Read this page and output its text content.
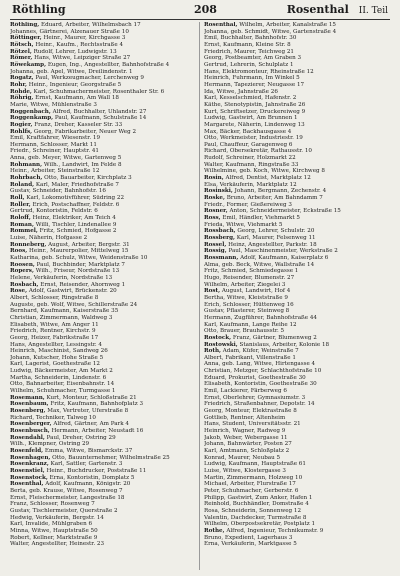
Röthling	208	Rosenthal II. Teil

Röthling, Eduard, Arbeiter, Wilhelmsbach 17

Johannes, Gärtnerei, Alzenauer Straße 10

Röttinger, Heinr., Maurer, Kirchgasse 3

Rötsch, Heinr., Kaufm., Rechtsstraße 4

Rötzel, Rudolf, Lehrer, Ludwigstr. 13

Römer, Hans, Witwe, Leipziger Straße 27

Röwekamp, Eugen, Ing., Angestellter, Bahnhofstraße 4

Johanna, geb. Apel, Witwe, Dreilindenstr. 1

Rogatz, Paul, Werkzeugmacher, Lerchenweg 9

Rohr, Heinr., Ingenieur, Georgstraße 5

Rohde, Karl, Schuhmachermeister, Rosenthaler Str. 6

Röhrig, Ernst, Kaufmann, Am Wall 18

Marie, Witwe, Mühlenstraße 3

Roggenbach, Alfred, Buchhalter, Uhlandstr. 27

Roggenkamp, Paul, Kaufmann, Schulstraße 14

Rogier, Franz, Dreher, Kasseler Str. 33

Rohlfs, Georg, Fabrikarbeiter, Neuer Weg 2

Emil, Kraftfahrer, Wiesenstr. 19

Hermann, Schlosser, Markt 11

Friedr., Schreiner, Hauptstr. 41

Anna, geb. Meyer, Witwe, Gartenweg 5

Rohmann, Wilh., Landwirt, Im Felde 8

Heinr., Arbeiter, Steinstraße 12

Rohrbach, Otto, Bauarbeiter, Kirchplatz 3

Roland, Karl, Maler, Friedhofstraße 7

Gustav, Schneider, Bahnhofstr. 16

Roll, Karl, Lokomotivführer, Südring 22

Roller, Erich, Postschaffner, Feldstr. 6

Gertrud, Kontoristin, Feldstr. 6

Roloff, Heinz, Elektriker, Am Teich 4

Roman, Willi, Tischler, Lindenallee 9

Rommel, Fritz, Schmied, Hofgasse 2

Luise, Näherin, Hofgasse 2

Ronneberg, August, Arbeiter, Bergstr. 31

Roos, Heinr., Maurerpolier, Mittelweg 15

Katharina, geb. Schulz, Witwe, Weidenstraße 10

Roosen, Paul, Buchbinder, Marktplatz 7

Ropers, Wilh., Friseur, Nordstraße 13

Helene, Verkäuferin, Nordstraße 13

Rosbach, Ernst, Reisender, Ahornweg 1

Rose, Adolf, Gastwirt, Brückenstr. 20

Albert, Schlosser, Ringstraße 8

Auguste, geb. Wolf, Witwe, Schillerstraße 24

Bernhard, Kaufmann, Kaiserstraße 35

Christian, Zimmermann, Waldweg 3

Elisabeth, Witwe, Am Anger 11

Friedrich, Rentner, Kirchstr. 9

Georg, Heizer, Fabrikstraße 17

Hans, Angestellter, Lessingstr. 4

Heinrich, Maschinist, Sandweg 26

Johann, Kutscher, Hohe Straße 5

Karl, Lagerist, Goethestraße 12

Ludwig, Bäckermeister, Am Markt 2

Martha, Schneiderin, Lindenstr. 6

Otto, Bahnarbeiter, Eisenbahnstr. 14

Wilhelm, Schuhmacher, Turmgasse 1

Rosemann, Kurt, Monteur, Schloßstraße 21

Rosenbaum, Fritz, Kaufmann, Bahnhofplatz 3

Rosenberg, Max, Vertreter, Uferstraße 8

Richard, Techniker, Talweg 10

Rosenberger, Alfred, Gärtner, Am Park 4

Rosenbusch, Hermann, Arbeiter, Neustadt 16

Rosendahl, Paul, Dreher, Ostring 29

Wilh., Klempner, Ostring 29

Rosenfeld, Emma, Witwe, Bismarckstr. 37

Rosenhagen, Otto, Bauunternehmer, Wilhelmstraße 25

Rosenkranz, Karl, Sattler, Gartenstr. 3

Rosenstiel, Heinr., Buchdrucker, Poststraße 11

Rosenstock, Erna, Kontoristin, Domplatz 5

Rosenthal, Adolf, Kaufmann, Königstr. 20

Berta, geb. Krause, Witwe, Rosenweg 7

Ernst, Fleischermeister, Langestraße 18

Franz, Schlosser, Rosenweg 7

Gustav, Tischlermeister, Querstraße 2

Hedwig, Verkäuferin, Bergstr. 14

Karl, Invalide, Mühlgraben 6

Minna, Witwe, Hauptstraße 50

Robert, Kellner, Marktstraße 9

Walter, Angestellter, Heinestr. 23

Rosenthal, Wilhelm, Arbeiter, Kanalstraße 15

Johanna, geb. Schmidt, Witwe, Gartenstraße 4

Emil, Buchhalter, Bahnhofstr. 30

Ernst, Kaufmann, Kleine Str. 8

Friedrich, Maurer, Teichweg 21

Georg, Postbeamter, Am Graben 3

Gertrud, Lehrerin, Schulplatz 1

Hans, Elektromonteur, Rheinstraße 12

Heinrich, Fuhrmann, Im Winkel 5

Hermann, Tapezierer, Neugasse 17

Ida, Witwe, Jahnstraße 26

Karl, Kesselschmied, Hafenstr. 2

Käthe, Stenotypistin, Jahnstraße 26

Kurt, Schriftsetzer, Druckereiweg 9

Ludwig, Gastwirt, Am Brunnen 1

Margarete, Näherin, Lindenweg 13

Max, Bäcker, Backhausgasse 4

Otto, Werkmeister, Industriestr. 19

Paul, Chauffeur, Garagenweg 6

Richard, Obersekretär, Rathausstr. 10

Rudolf, Schreiner, Holzmarkt 22

Walter, Kaufmann, Ringstraße 33

Wilhelmine, geb. Koch, Witwe, Kirchweg 8

Rosin, Alfred, Dentist, Marktplatz 12

Elsa, Verkäuferin, Marktplatz 12

Rosinski, Johann, Bergmann, Zechenstr. 4

Roske, Bruno, Arbeiter, Am Bahndamm 7

Friedr., Former, Gießereiweg 3

Rosner, Anton, Schneidermeister, Eckstraße 15

Ross, Emil, Händler, Viehmarkt 5

Frieda, Witwe, Viehmarkt 5

Rossbach, Georg, Lehrer, Schulstr. 20

Rossberg, Karl, Maurer, Felsenweg 11

Rossel, Heinz, Angestellter, Parkstr. 18

Rossig, Paul, Maschinenmeister, Werkstraße 2

Rossmann, Adolf, Kaufmann, Kaiserplatz 6

Alma, geb. Beck, Witwe, Wallstraße 14

Fritz, Schmied, Schmiedegasse 1

Hugo, Reisender, Blumenstr. 27

Wilhelm, Arbeiter, Ziegelei 3

Rost, August, Landwirt, Hof 4

Bertha, Witwe, Kleiststraße 9

Erich, Schlosser, Hüttenweg 16

Gustav, Pflasterer, Steinweg 8

Hermann, Zugführer, Bahnhofstraße 44

Karl, Kaufmann, Lange Reihe 12

Otto, Brauer, Brauhausstr. 5

Rostock, Franz, Gärtner, Blumenweg 2

Rostowski, Stanislaus, Arbeiter, Kolonie 18

Roth, Adam, Küfer, Weinstraße 7

Albert, Fabrikant, Villenstraße 1

Anna, geb. Lang, Witwe, Hirtengasse 4

Christian, Metzger, Schlachthofstraße 10

Eduard, Prokurist, Goethestraße 30

Elisabeth, Kontoristin, Goethestraße 30

Emil, Lackierer, Färberweg 6

Ernst, Oberlehrer, Gymnasiumstr. 3

Friedrich, Straßenbahner, Depotstr. 14

Georg, Monteur, Elektrastraße 8

Gottlieb, Rentner, Altenheim

Hans, Student, Universitätsstr. 21

Heinrich, Wagner, Radweg 9

Jakob, Weber, Webergasse 11

Johann, Bahnwärter, Posten 27

Karl, Amtmann, Schloßplatz 2

Konrad, Maurer, Neubau 5

Ludwig, Kaufmann, Hauptstraße 61

Luise, Witwe, Klostergasse 3

Martin, Zimmermann, Holzweg 10

Michael, Arbeiter, Flurstraße 17

Peter, Schuhmacher, Gerberstr. 6

Philipp, Gastwirt, Zum Anker, Hafen 1

Reinhold, Buchhändler, Domstraße 4

Rosa, Schneiderin, Sonnenweg 12

Valentin, Dachdecker, Turmstraße 8

Wilhelm, Oberpostsekretär, Postplatz 1

Rothe, Alfred, Ingenieur, Technikumstr. 9

Bruno, Expedient, Lagerhaus 3

Erna, Verkäuferin, Marktgasse 5
